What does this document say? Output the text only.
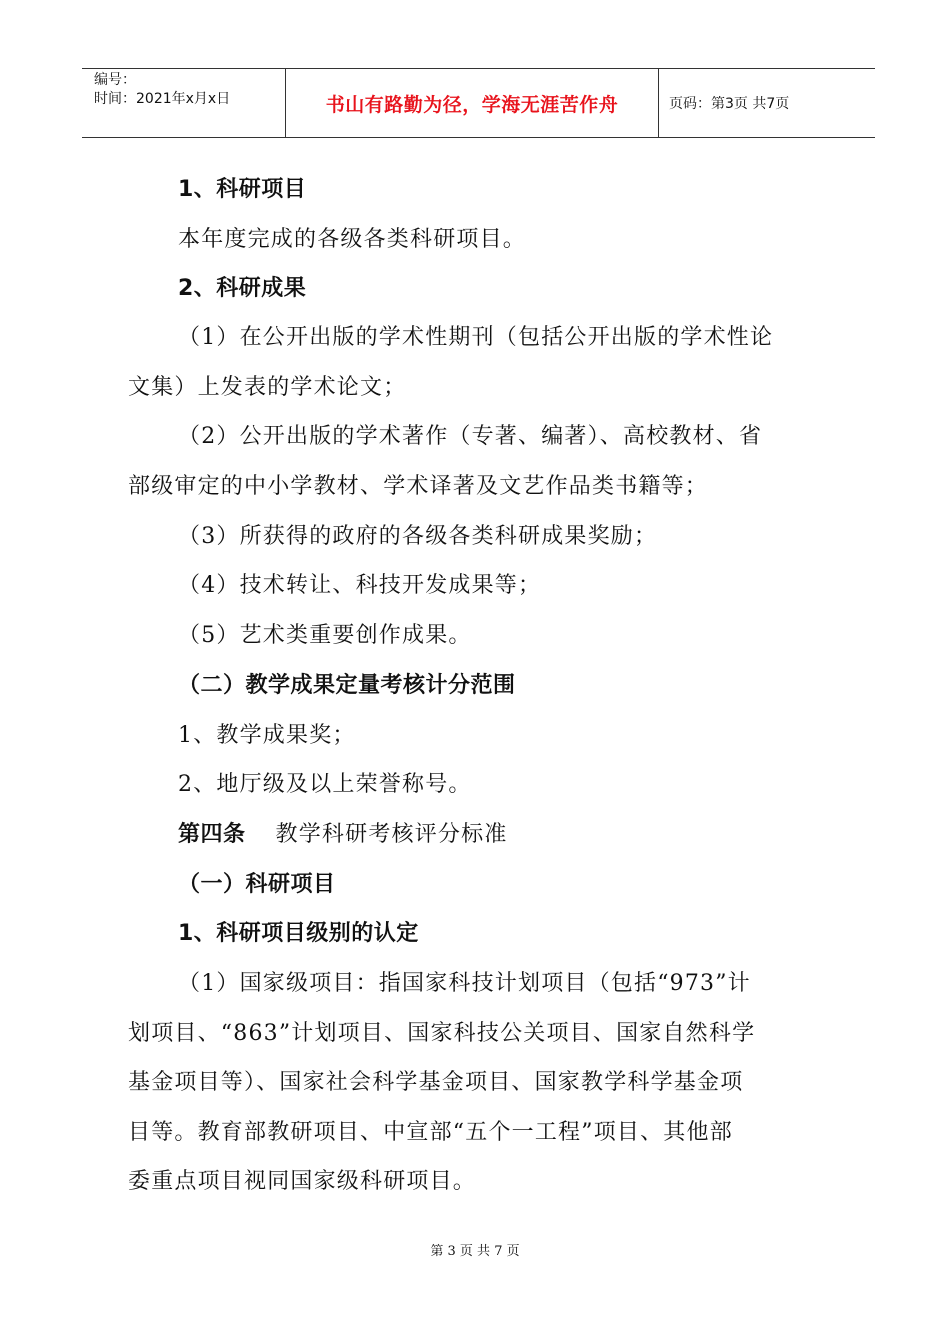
编号：
时间：2021年x月x日	书山有路勤为径，学海无涯苦作舟	页码：第3页 共7页
1、科研项目
本年度完成的各级各类科研项目。
2、科研成果
（1）在公开出版的学术性期刊（包括公开出版的学术性论
文集）上发表的学术论文；
（2）公开出版的学术著作（专著、编著）、高校教材、省
部级审定的中小学教材、学术译著及文艺作品类书籍等；
（3）所获得的政府的各级各类科研成果奖励；
（4）技术转让、科技开发成果等；
（5）艺术类重要创作成果。
（二）教学成果定量考核计分范围
1、教学成果奖；
2、地厅级及以上荣誉称号。
第四条 教学科研考核评分标准
（一）科研项目
1、科研项目级别的认定
（1）国家级项目：指国家科技计划项目（包括“973”计
划项目、“863”计划项目、国家科技公关项目、国家自然科学
基金项目等）、国家社会科学基金项目、国家教学科学基金项
目等。教育部教研项目、中宣部“五个一工程”项目、其他部
委重点项目视同国家级科研项目。
第 3 页 共 7 页
